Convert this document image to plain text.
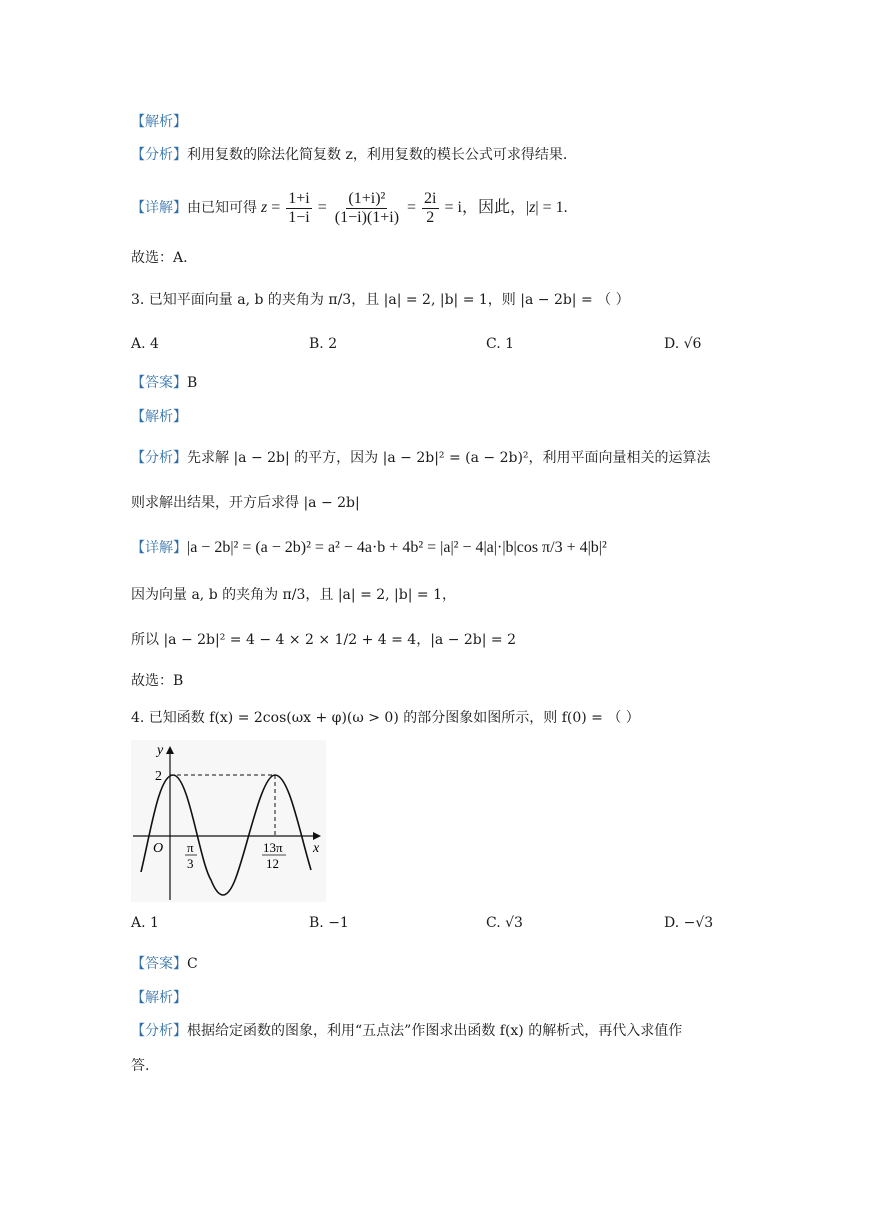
【解析】
【分析】利用复数的除法化简复数 z，利用复数的模长公式可求得结果.
【详解】 由已知可得 $z = \frac{1+i}{1-i} = \frac{\text{(1+i)²}}{(1-i)(1+i)} = \frac{2i}{2} = i$，因此，|z| = 1.
故选：A.
3. 已知平面向量 a, b 的夹角为 π/3，且 |a| = 2, |b| = 1，则 |a − 2b| = （ ）
A. 4	B. 2	C. 1	D. √6
【答案】B
【解析】
【分析】先求解 |a − 2b| 的平方，因为 |a − 2b|² = (a − 2b)²，利用平面向量相关的运算法
则求解出结果，开方后求得 |a − 2b|
【详解】|a − 2b|² = (a − 2b)² = a² − 4a·b + 4b² = |a|² − 4|a|·|b|cos π/3 + 4|b|²
因为向量 a, b 的夹角为 π/3，且 |a| = 2, |b| = 1，
所以 |a − 2b|² = 4 − 4 × 2 × 1/2 + 4 = 4，|a − 2b| = 2
故选：B
4. 已知函数 f(x) = 2cos(ωx + φ)(ω > 0) 的部分图象如图所示，则 f(0) = （ ）
y
x
O
2
π
3
13π
12
A. 1	B. −1	C. √3	D. −√3
【答案】C
【解析】
【分析】根据给定函数的图象，利用“五点法”作图求出函数 f(x) 的解析式，再代入求值作
答.
